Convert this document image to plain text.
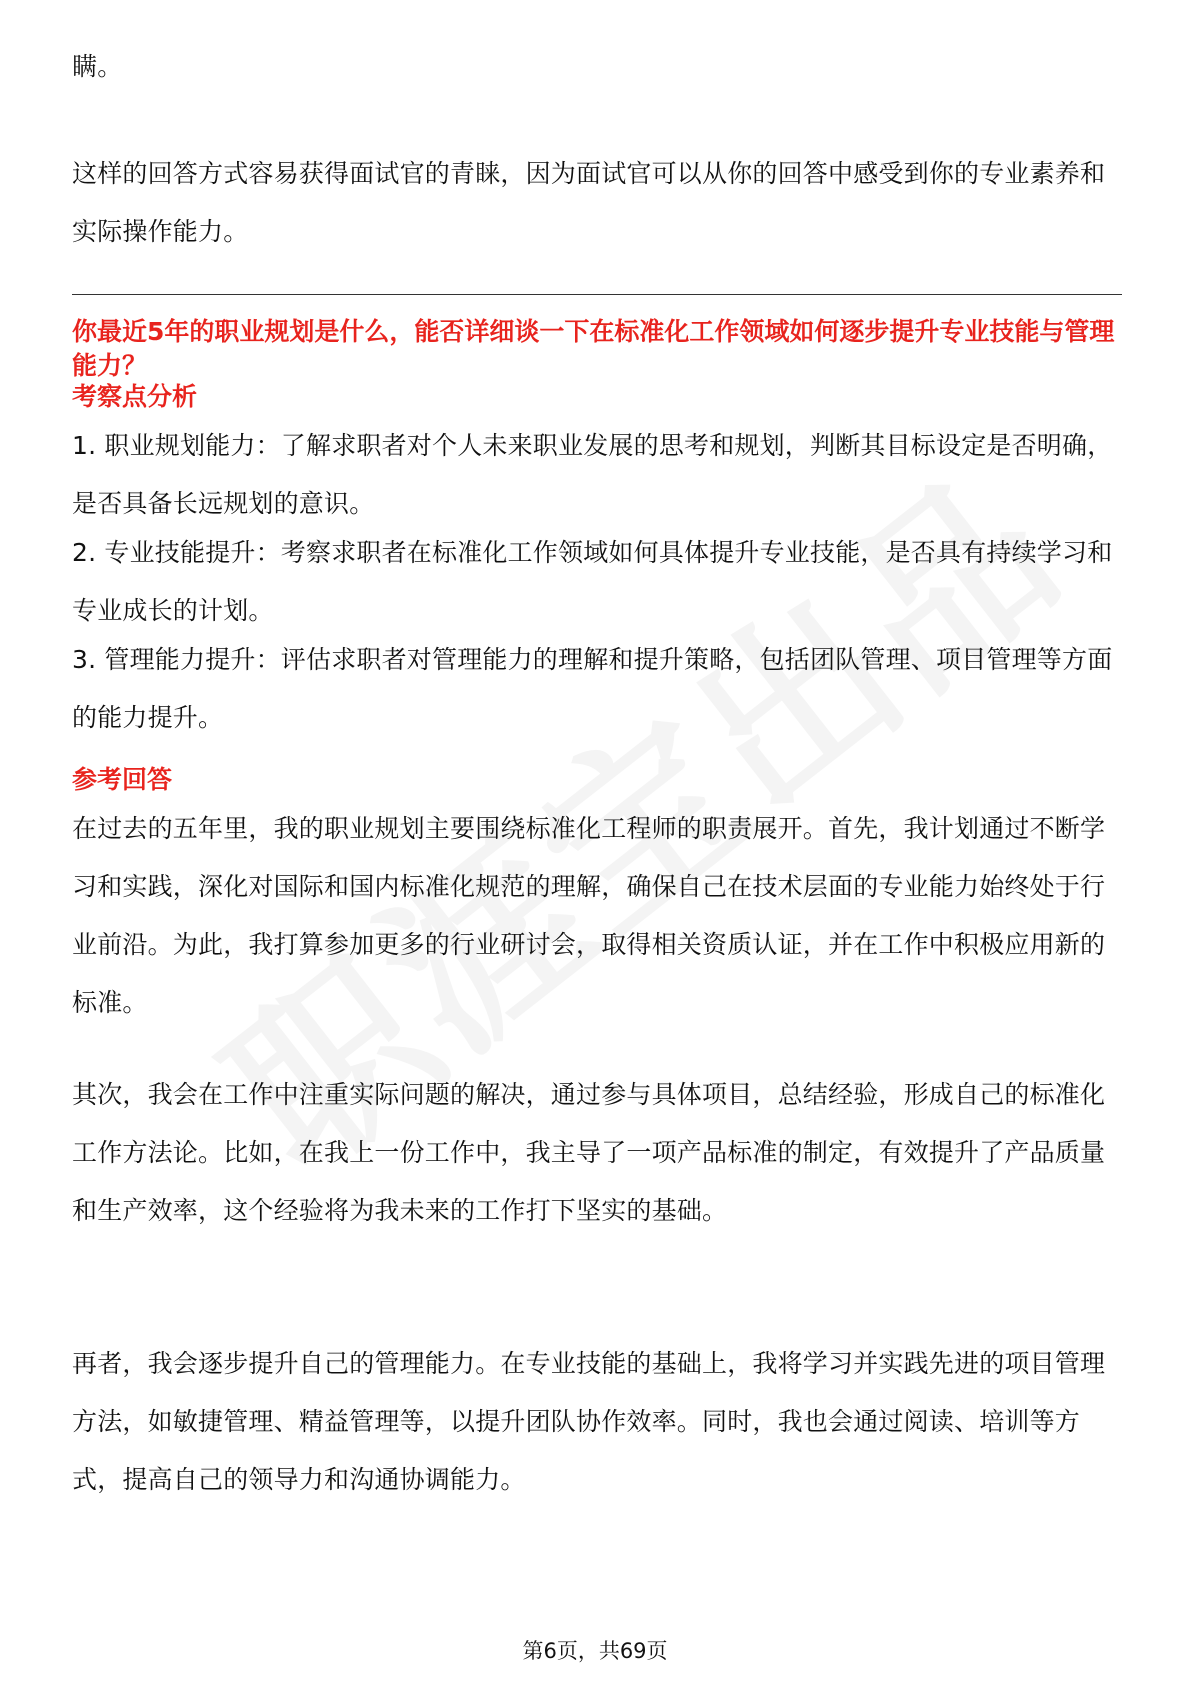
瞒。

这样的回答方式容易获得面试官的青睐，因为面试官可以从你的回答中感受到你的专业素养和实际操作能力。

你最近5年的职业规划是什么，能否详细谈一下在标准化工作领域如何逐步提升专业技能与管理能力？

考察点分析

1. 职业规划能力：了解求职者对个人未来职业发展的思考和规划，判断其目标设定是否明确，是否具备长远规划的意识。

2. 专业技能提升：考察求职者在标准化工作领域如何具体提升专业技能，是否具有持续学习和专业成长的计划。

3. 管理能力提升：评估求职者对管理能力的理解和提升策略，包括团队管理、项目管理等方面的能力提升。

参考回答

在过去的五年里，我的职业规划主要围绕标准化工程师的职责展开。首先，我计划通过不断学习和实践，深化对国际和国内标准化规范的理解，确保自己在技术层面的专业能力始终处于行业前沿。为此，我打算参加更多的行业研讨会，取得相关资质认证，并在工作中积极应用新的标准。

其次，我会在工作中注重实际问题的解决，通过参与具体项目，总结经验，形成自己的标准化工作方法论。比如，在我上一份工作中，我主导了一项产品标准的制定，有效提升了产品质量和生产效率，这个经验将为我未来的工作打下坚实的基础。

再者，我会逐步提升自己的管理能力。在专业技能的基础上，我将学习并实践先进的项目管理方法，如敏捷管理、精益管理等，以提升团队协作效率。同时，我也会通过阅读、培训等方式，提高自己的领导力和沟通协调能力。

第6页，共69页
